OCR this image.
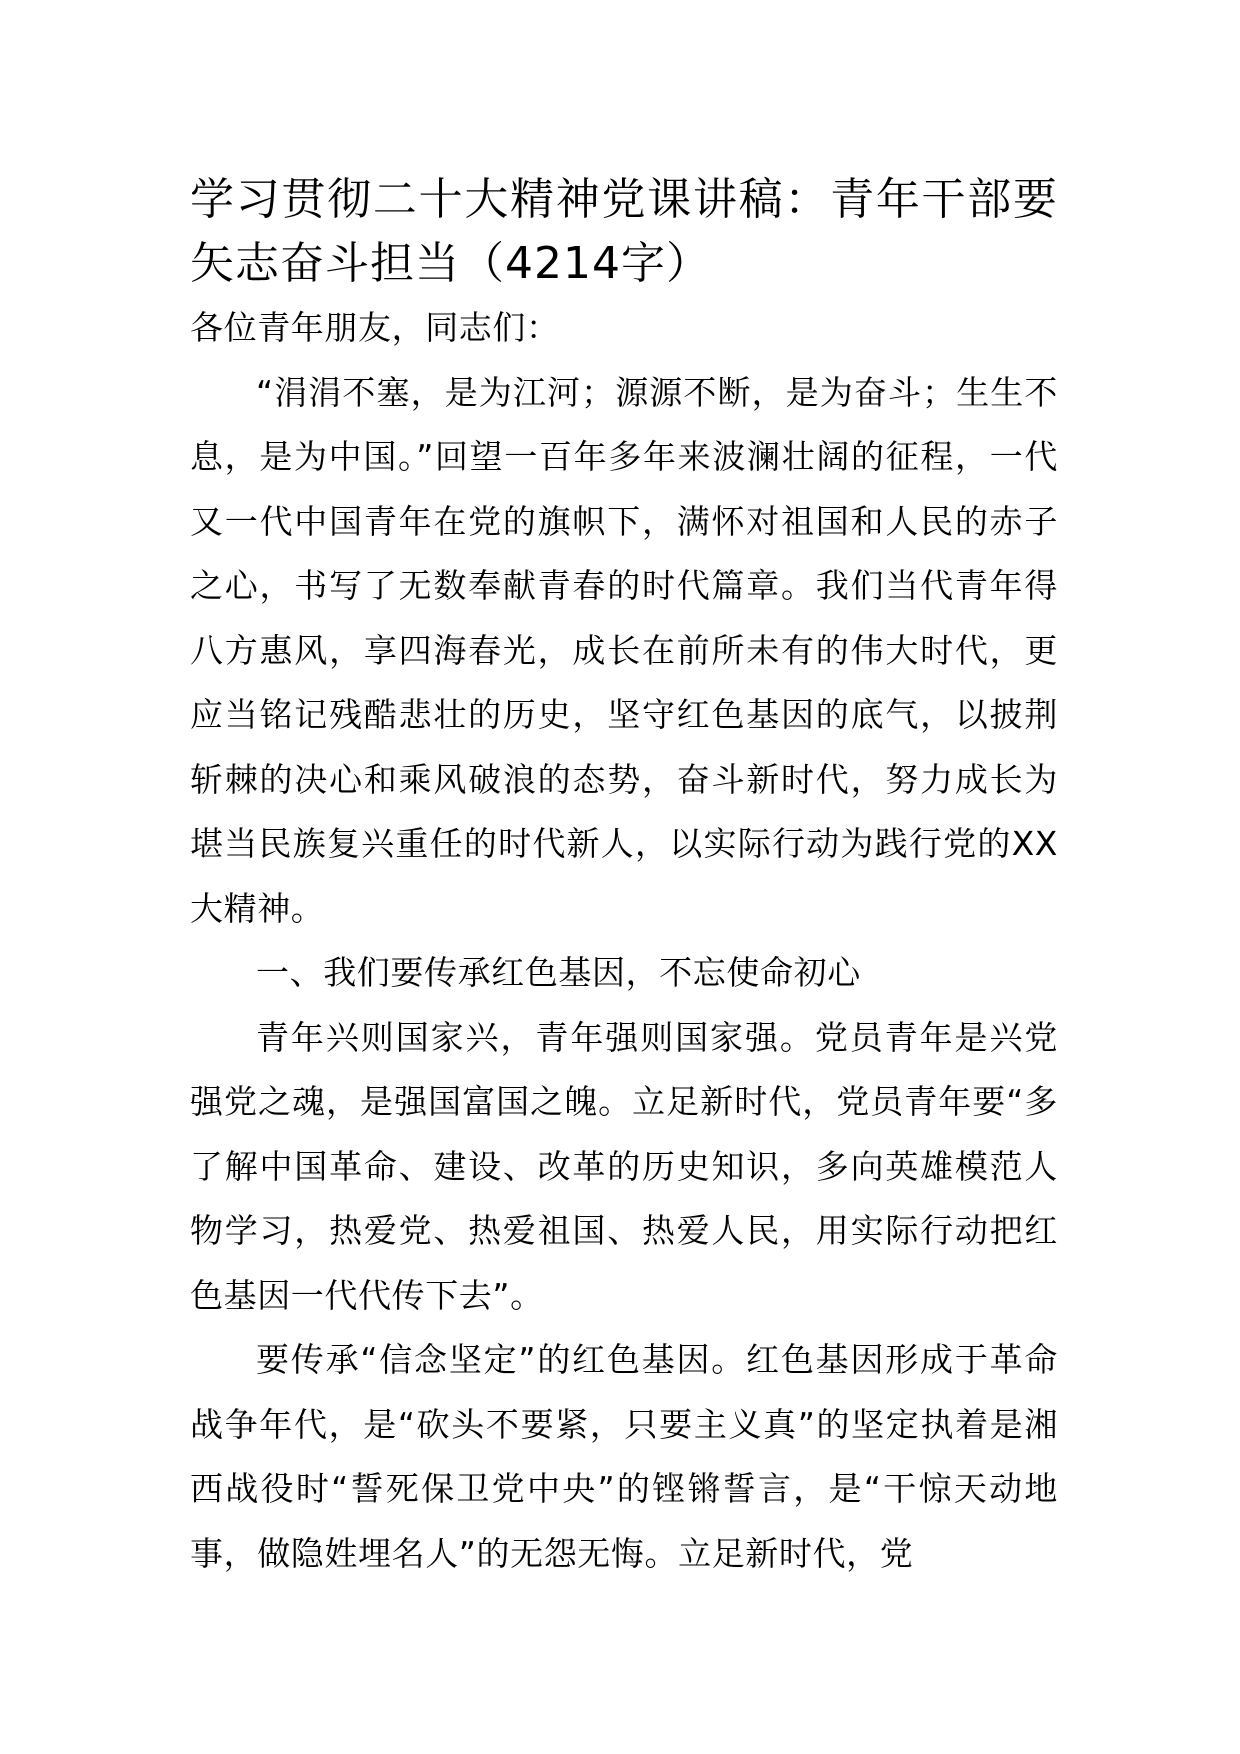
学习贯彻二十大精神党课讲稿：青年干部要矢志奋斗担当（4214字）

各位青年朋友，同志们：

“涓涓不塞，是为江河；源源不断，是为奋斗；生生不息，是为中国。”回望一百年多年来波澜壮阔的征程，一代又一代中国青年在党的旗帜下，满怀对祖国和人民的赤子之心，书写了无数奉献青春的时代篇章。我们当代青年得八方惠风，享四海春光，成长在前所未有的伟大时代，更应当铭记残酷悲壮的历史，坚守红色基因的底气，以披荆斩棘的决心和乘风破浪的态势，奋斗新时代，努力成长为堪当民族复兴重任的时代新人，以实际行动为践行党的XX大精神。

一、我们要传承红色基因，不忘使命初心

青年兴则国家兴，青年强则国家强。党员青年是兴党强党之魂，是强国富国之魄。立足新时代，党员青年要“多了解中国革命、建设、改革的历史知识，多向英雄模范人物学习，热爱党、热爱祖国、热爱人民，用实际行动把红色基因一代代传下去”。

要传承“信念坚定”的红色基因。红色基因形成于革命战争年代，是“砍头不要紧，只要主义真”的坚定执着是湘西战役时“誓死保卫党中央”的铿锵誓言，是“干惊天动地事，做隐姓埋名人”的无怨无悔。立足新时代，党
